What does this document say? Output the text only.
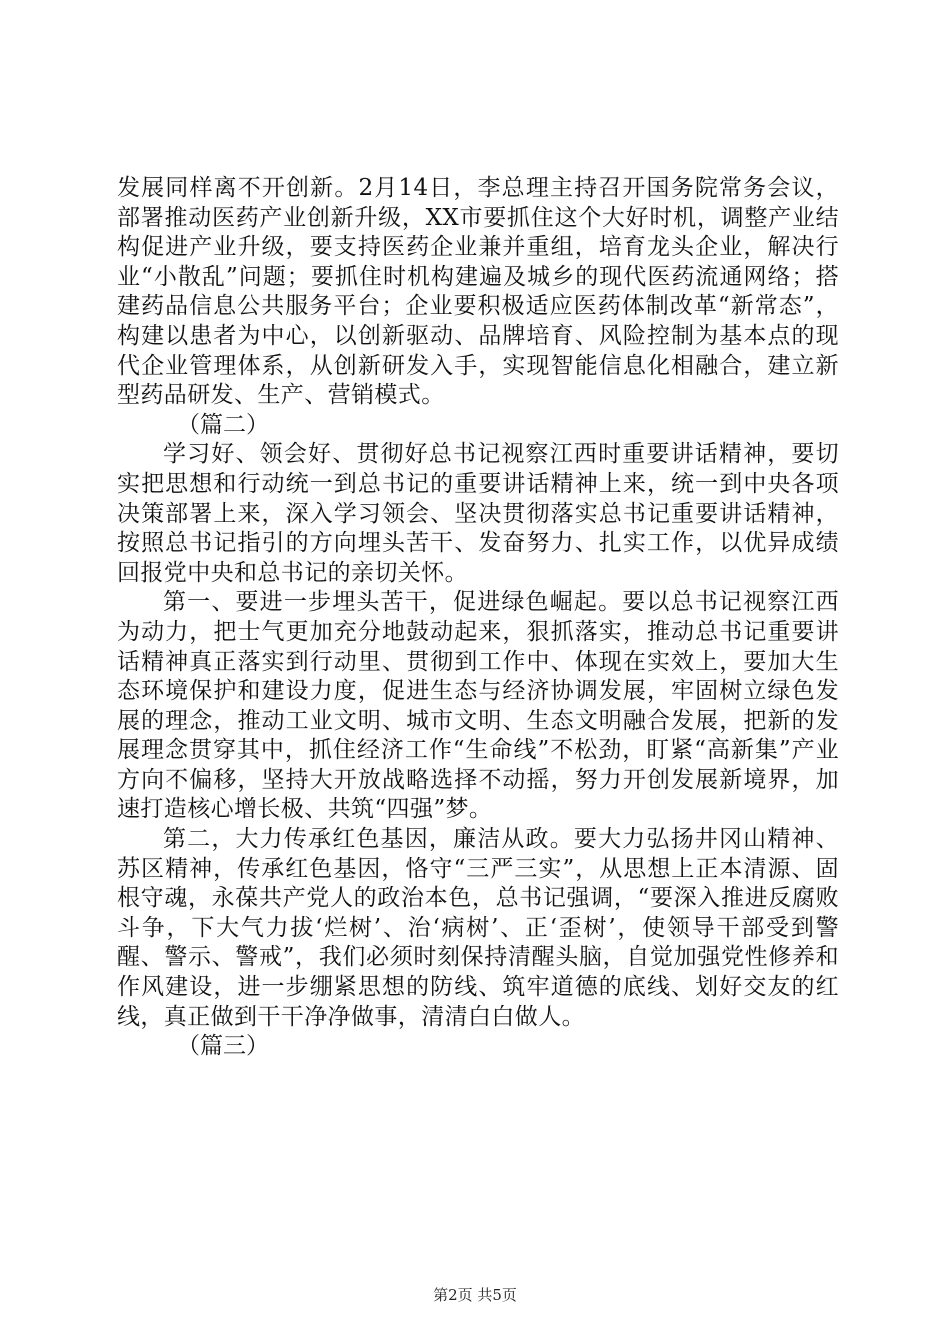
发展同样离不开创新。2月14日，李总理主持召开国务院常务会议，部署推动医药产业创新升级，XX市要抓住这个大好时机，调整产业结构促进产业升级，要支持医药企业兼并重组，培育龙头企业，解决行业“小散乱”问题；要抓住时机构建遍及城乡的现代医药流通网络；搭建药品信息公共服务平台；企业要积极适应医药体制改革“新常态”，构建以患者为中心，以创新驱动、品牌培育、风险控制为基本点的现代企业管理体系，从创新研发入手，实现智能信息化相融合，建立新型药品研发、生产、营销模式。

（篇二）

学习好、领会好、贯彻好总书记视察江西时重要讲话精神，要切实把思想和行动统一到总书记的重要讲话精神上来，统一到中央各项决策部署上来，深入学习领会、坚决贯彻落实总书记重要讲话精神，按照总书记指引的方向埋头苦干、发奋努力、扎实工作，以优异成绩回报党中央和总书记的亲切关怀。

第一、要进一步埋头苦干，促进绿色崛起。要以总书记视察江西为动力，把士气更加充分地鼓动起来，狠抓落实，推动总书记重要讲话精神真正落实到行动里、贯彻到工作中、体现在实效上，要加大生态环境保护和建设力度，促进生态与经济协调发展，牢固树立绿色发展的理念，推动工业文明、城市文明、生态文明融合发展，把新的发展理念贯穿其中，抓住经济工作“生命线”不松劲，盯紧“高新集”产业方向不偏移，坚持大开放战略选择不动摇，努力开创发展新境界，加速打造核心增长极、共筑“四强”梦。

第二，大力传承红色基因，廉洁从政。要大力弘扬井冈山精神、苏区精神，传承红色基因，恪守“三严三实”，从思想上正本清源、固根守魂，永葆共产党人的政治本色，总书记强调，“要深入推进反腐败斗争，下大气力拔‘烂树’、治‘病树’、正‘歪树’，使领导干部受到警醒、警示、警戒”，我们必须时刻保持清醒头脑，自觉加强党性修养和作风建设，进一步绷紧思想的防线、筑牢道德的底线、划好交友的红线，真正做到干干净净做事，清清白白做人。

（篇三）

第2页 共5页
